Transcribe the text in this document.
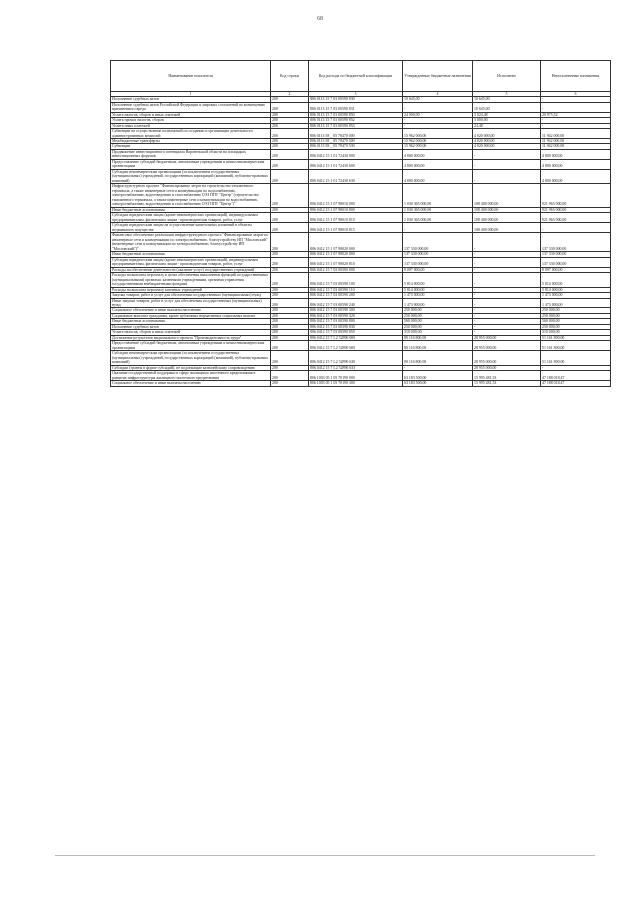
68
Наименование показателя	Код строки	Код расхода по бюджетной классификации	Утвержденные бюджетные назначения	Исполнено	Неисполненные назначения
1	2	3	4	5	6
Исполнение судебных актов	200	806 0113 15 7 03 00590 830	10 645,00	10 645,00	-
Исполнение судебных актов Российской Федерации и мировых соглашений по возмещению причиненного вреда	200	806 0113 15 7 03 00590 831	-	10 645,00	-
Уплата налогов, сборов и иных платежей	200	806 0113 15 7 03 00590 850	24 000,00	3 024,48	20 975,52
Уплата прочих налогов, сборов	200	806 0113 15 7 03 00590 852	-	3 000,00	-
Уплата иных платежей	200	806 0113 15 7 03 00590 853	-	24,48	-
Субвенции на осуществление полномочий по созданию и организации деятельности административных комиссий	200	806 0113 58 _ 05 78470 000	15 962 000,00	4 020 000,00	11 942 000,00
Межбюджетные трансферты	200	806 0113 58 _ 05 78470 500	15 962 000,00	4 020 000,00	11 942 000,00
Субвенции	200	806 0113 58 _ 05 78470 530	15 962 000,00	4 020 000,00	11 942 000,00
Продвижение инвестиционного потенциала Воронежской области на площадках инвестиционных форумов	200	806 0412 15 1 01 72430 000	4 800 000,00	-	4 800 000,00
Предоставление субсидий бюджетным, автономным учреждениям и иным некоммерческим организациям	200	806 0412 15 1 01 72430 600	4 800 000,00	-	4 800 000,00
Субсидии некоммерческим организациям (за исключением государственных (муниципальных) учреждений, государственных корпораций (компаний), публично-правовых компаний)	200	806 0412 15 1 01 72430 630	4 800 000,00	-	4 800 000,00
Инфраструктурного проекта "Финансирование затрат на строительство таможенного терминала, а также инженерные сети и коммуникации по водоснабжению, электроснабжению, водоотведению и газоснабжению ОЭЗ ППТ "Центр" (строительство таможенного терминала, а также инженерные сети и коммуникации по водоснабжению, электроснабжению, водоотведению и газоснабжению ОЭЗ ППТ "Центр")"	200	806 0412 15 1 07 98010 000	1 030 365 000,00	108 400 000,00	921 965 000,00
Иные бюджетные ассигнования	200	806 0412 15 1 07 98010 800	1 030 365 000,00	108 400 000,00	921 965 000,00
Субсидии юридическим лицам (кроме некоммерческих организаций), индивидуальным предпринимателям, физическим лицам - производителям товаров, работ, услуг	200	806 0412 15 1 07 98010 810	1 030 365 000,00	108 400 000,00	921 965 000,00
Субсидии юридическим лицам на осуществление капитальных вложений в объекты недвижимого имущества	200	806 0412 15 1 07 98010 815	-	108 400 000,00	-
Финансовое обеспечение реализации инфраструктурного проекта "Финансирование затрат по инженерные сети и коммуникации по электроснабжению, благоустройству ИП "Масловский" (инженерные сети и коммуникации по электроснабжению, благоустройству ИП "Масловский")"	200	806 0412 15 1 07 98020 000	137 330 000,00	-	137 330 000,00
Иные бюджетные ассигнования	200	806 0412 15 1 07 98020 800	137 330 000,00	-	137 330 000,00
Субсидии юридическим лицам (кроме некоммерческих организаций), индивидуальным предпринимателям, физическим лицам - производителям товаров, работ, услуг	200	806 0412 15 1 07 98020 810	137 330 000,00	-	137 330 000,00
Расходы на обеспечение деятельности (оказание услуг) государственных учреждений	200	806 0412 15 7 03 00590 000	8 097 000,00	-	8 097 000,00
Расходы на выплаты персоналу в целях обеспечения выполнения функций государственными (муниципальными) органами, казенными учреждениями, органами управления государственными внебюджетными фондами	200	806 0412 15 7 03 00590 100	5 814 000,00	-	5 814 000,00
Расходы на выплаты персоналу казенных учреждений	200	806 0412 15 7 03 00590 110	5 814 000,00	-	5 814 000,00
Закупка товаров, работ и услуг для обеспечения государственных (муниципальных) нужд	200	806 0412 15 7 03 00590 200	1 473 000,00	-	1 473 000,00
Иные закупки товаров, работ и услуг для обеспечения государственных (муниципальных) нужд	200	806 0412 15 7 03 00590 240	1 473 000,00	-	1 473 000,00
Социальное обеспечение и иные выплаты населению	200	806 0412 15 7 03 00590 300	250 000,00	-	250 000,00
Социальные выплаты гражданам, кроме публичных нормативных социальных выплат	200	806 0412 15 7 03 00590 320	250 000,00	-	250 000,00
Иные бюджетные ассигнования	200	806 0412 15 7 03 00590 800	560 000,00	-	560 000,00
Исполнение судебных актов	200	806 0412 15 7 03 00590 830	250 000,00	-	250 000,00
Уплата налогов, сборов и иных платежей	200	806 0412 15 7 03 00590 850	310 000,00	-	310 000,00
Достижение результатов национального проекта "Производительность труда"	200	806 0412 15 7 L2 52890 000	80 116 800,00	28 955 000,00	51 161 800,00
Предоставление субсидий бюджетным, автономным учреждениям и иным некоммерческим организациям	200	806 0412 15 7 L2 52890 600	80 116 800,00	28 955 000,00	51 161 800,00
Субсидии некоммерческим организациям (за исключением государственных (муниципальных) учреждений, государственных корпораций (компаний), публично-правовых компаний)	200	806 0412 15 7 L2 52890 630	80 116 800,00	28 955 000,00	51 161 800,00
Субсидии (гранты в форме субсидий), не подлежащие казначейскому сопровождению	200	806 0412 15 7 L2 52890 633	-	28 955 000,00	-
Оказание государственной поддержки в сфере жилищного ипотечного кредитования в развитие инфраструктуры жилищного ипотечного кредитования	200	806 1003 05 1 05 70190 000	63 183 500,00	15 995 481,53	47 188 018,47
Социальное обеспечение и иные выплаты населению	200	806 1003 05 1 05 70190 300	63 183 500,00	15 995 481,53	47 188 018,47
